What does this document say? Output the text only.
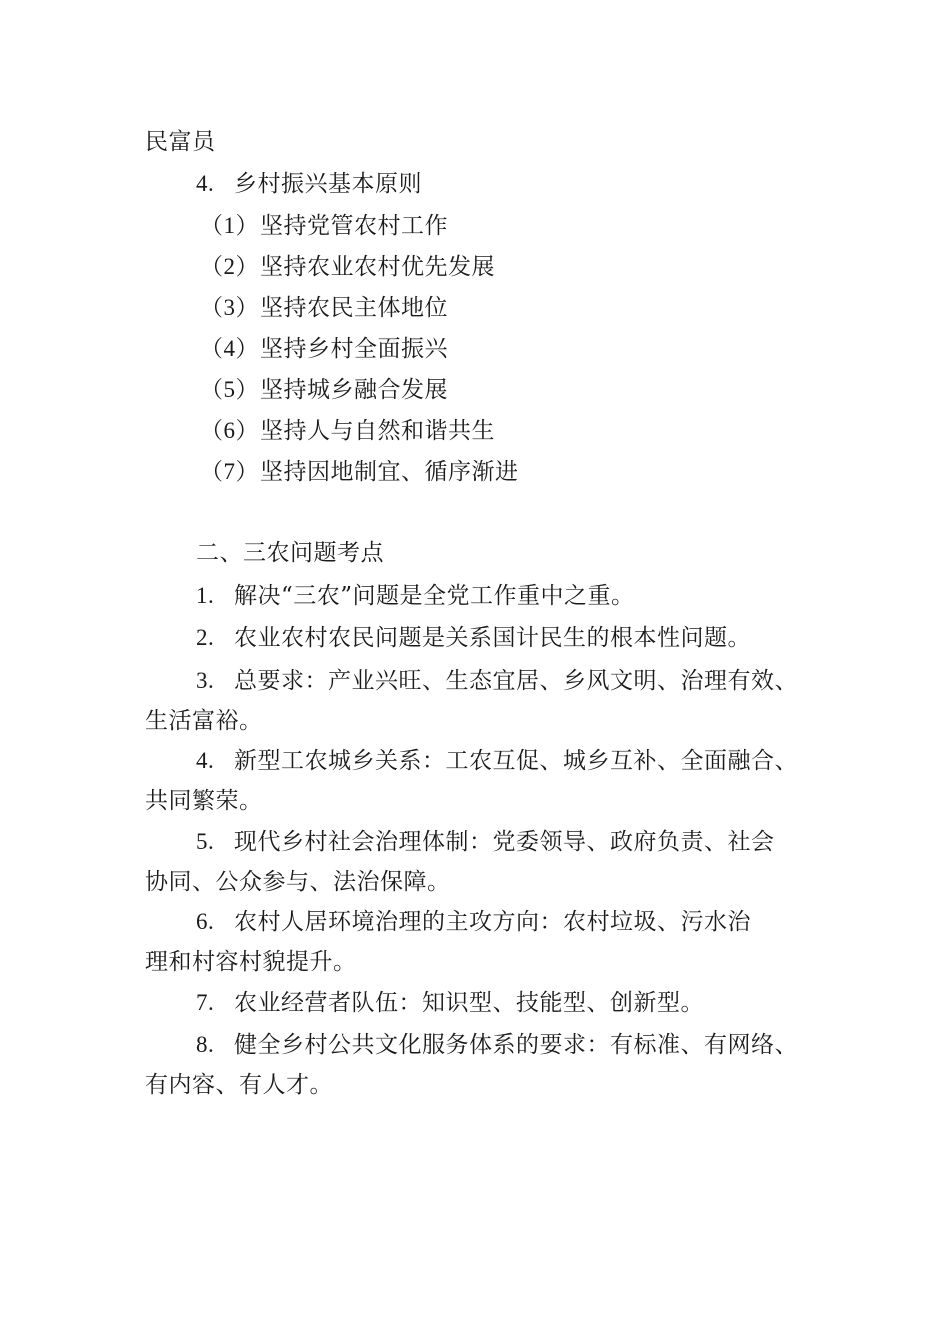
民富员
4. 乡村振兴基本原则
（1）坚持党管农村工作
（2）坚持农业农村优先发展
（3）坚持农民主体地位
（4）坚持乡村全面振兴
（5）坚持城乡融合发展
（6）坚持人与自然和谐共生
（7）坚持因地制宜、循序渐进
二、三农问题考点
1. 解决“三农”问题是全党工作重中之重。
2. 农业农村农民问题是关系国计民生的根本性问题。
3. 总要求：产业兴旺、生态宜居、乡风文明、治理有效、
生活富裕。
4. 新型工农城乡关系：工农互促、城乡互补、全面融合、
共同繁荣。
5. 现代乡村社会治理体制：党委领导、政府负责、社会
协同、公众参与、法治保障。
6. 农村人居环境治理的主攻方向：农村垃圾、污水治
理和村容村貌提升。
7. 农业经营者队伍：知识型、技能型、创新型。
8. 健全乡村公共文化服务体系的要求：有标准、有网络、
有内容、有人才。
